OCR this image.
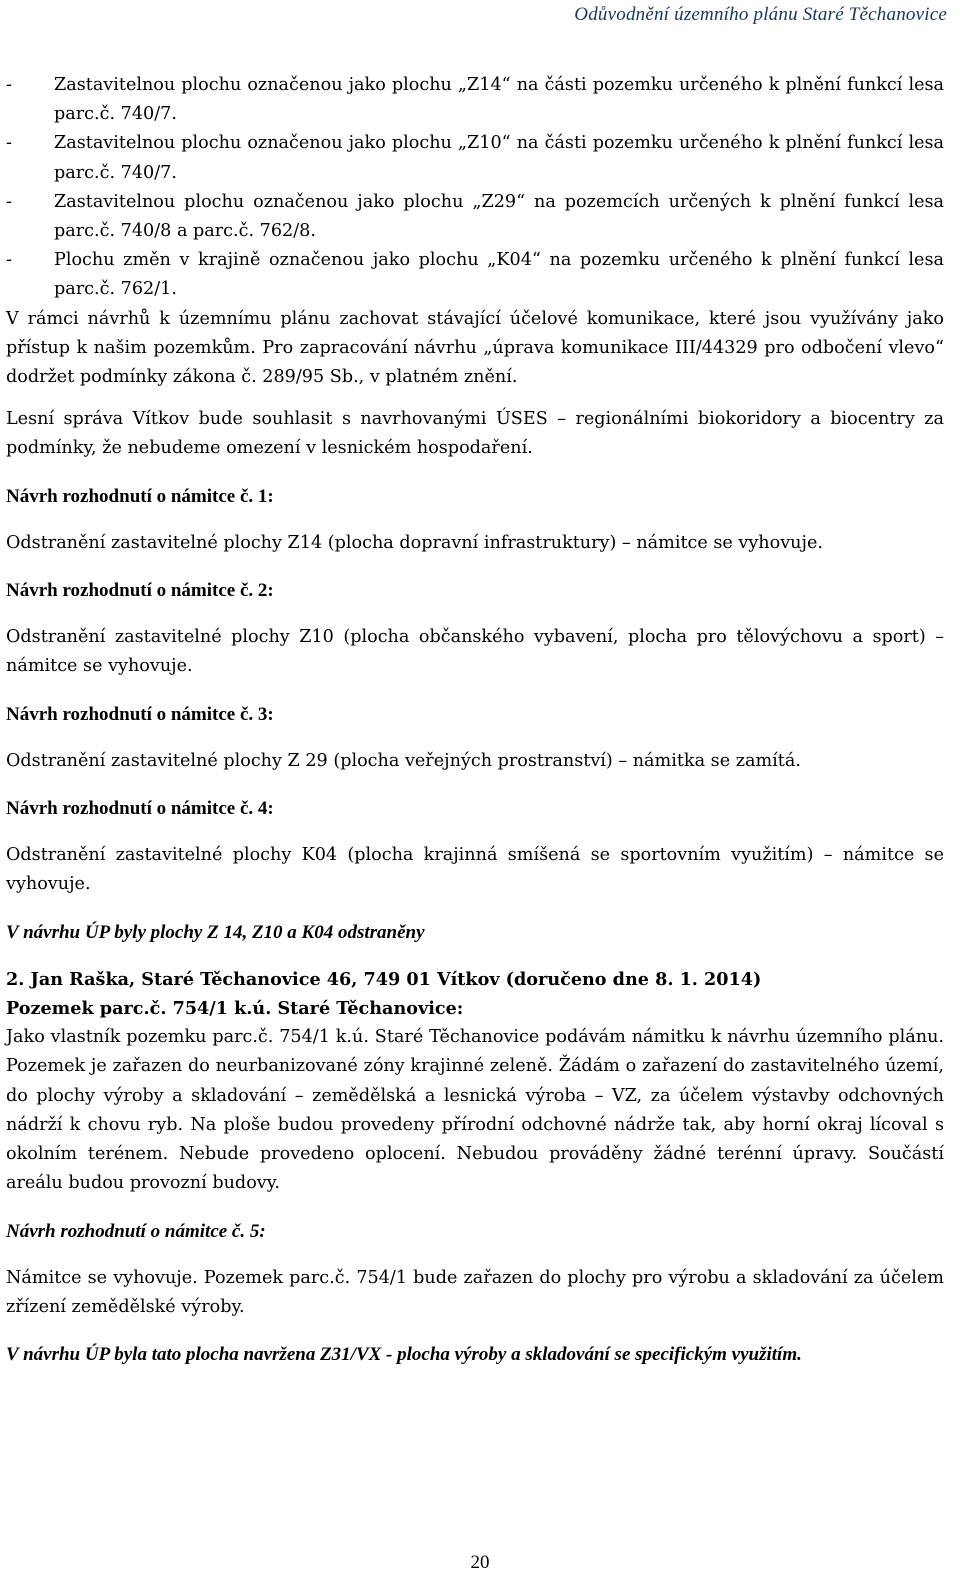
Odůvodnění územního plánu Staré Těchanovice
-	Zastavitelnou plochu označenou jako plochu „Z14“ na části pozemku určeného k plnění funkcí lesa parc.č. 740/7.
-	Zastavitelnou plochu označenou jako plochu „Z10“ na části pozemku určeného k plnění funkcí lesa parc.č. 740/7.
-	Zastavitelnou plochu označenou jako plochu „Z29“ na pozemcích určených k plnění funkcí lesa parc.č. 740/8 a parc.č. 762/8.
-	Plochu změn v krajině označenou jako plochu „K04“ na pozemku určeného k plnění funkcí lesa parc.č. 762/1.

V rámci návrhů k územnímu plánu zachovat stávající účelové komunikace, které jsou využívány jako přístup k našim pozemkům. Pro zapracování návrhu „úprava komunikace III/44329 pro odbočení vlevo“ dodržet podmínky zákona č. 289/95 Sb., v platném znění.

Lesní správa Vítkov bude souhlasit s navrhovanými ÚSES – regionálními biokoridory a biocentry za podmínky, že nebudeme omezení v lesnickém hospodaření.

Návrh rozhodnutí o námitce č. 1:

Odstranění zastavitelné plochy Z14 (plocha dopravní infrastruktury) – námitce se vyhovuje.

Návrh rozhodnutí o námitce č. 2:

Odstranění zastavitelné plochy Z10 (plocha občanského vybavení, plocha pro tělovýchovu a sport) – námitce se vyhovuje.

Návrh rozhodnutí o námitce č. 3:

Odstranění zastavitelné plochy Z 29 (plocha veřejných prostranství) – námitka se zamítá.

Návrh rozhodnutí o námitce č. 4:

Odstranění zastavitelné plochy K04 (plocha krajinná smíšená se sportovním využitím) – námitce se vyhovuje.

V návrhu ÚP byly plochy Z 14, Z10 a K04 odstraněny

2. Jan Raška, Staré Těchanovice 46, 749 01 Vítkov (doručeno dne 8. 1. 2014)

Pozemek parc.č. 754/1 k.ú. Staré Těchanovice:

Jako vlastník pozemku parc.č. 754/1 k.ú. Staré Těchanovice podávám námitku k návrhu územního plánu. Pozemek je zařazen do neurbanizované zóny krajinné zeleně. Žádám o zařazení do zastavitelného území, do plochy výroby a skladování – zemědělská a lesnická výroba – VZ, za účelem výstavby odchovných nádrží k chovu ryb. Na ploše budou provedeny přírodní odchovné nádrže tak, aby horní okraj lícoval s okolním terénem. Nebude provedeno oplocení. Nebudou prováděny žádné terénní úpravy. Součástí areálu budou provozní budovy.

Návrh rozhodnutí o námitce č. 5:

Námitce se vyhovuje. Pozemek parc.č. 754/1 bude zařazen do plochy pro výrobu a skladování za účelem zřízení zemědělské výroby.

V návrhu ÚP byla tato plocha navržena Z31/VX - plocha výroby a skladování se specifickým využitím.

20
